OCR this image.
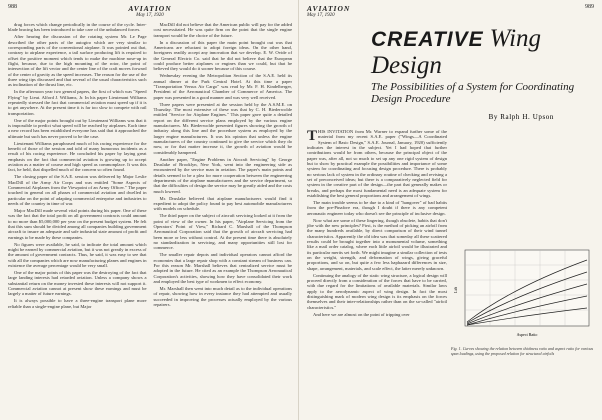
988	AVIATION
May 17, 1920

drag forces which change periodically in the course of the cycle. Inter-blade bracing has been introduced to take care of the unbalanced forces.

After hearing the discussion of the rotating system Mr. Le Page described the other parts of the autogiro which are very similar to corresponding parts of the conventional airplane. It was pointed out that, contrary to airplane experience, a tail surface producing lift is required to offset the positive moment which tends to make the machine nose-up in flight, because, due to the high mounting of the rotor, the point of intersection of the lift vector and the center line of the craft moves forward of the center of gravity as the speed increases. The reason for the use of the three wing tips discussed and that several of the usual characteristics such as inclination of the thrust line, etc.

In the afternoon year two general papers, the first of which was "Speed Flying" by Lieut. Alford J. Williams, Jr. In his paper Lieutenant Williams repeatedly stressed the fact that commercial aviation must speed up if it is to get anywhere. At the present time it is far too slow to compete with rail transportation.

One of the major points brought out by Lieutenant Williams was that it is impossible to predict what speed will be reached by airplanes. Each time a new record has been established everyone has said that it approached the ultimate but such has never proved to be the case.

Lieutenant Williams paraphrased much of his racing experience for the benefit of those of the session and told of many humorous incidents as a result of his racing experience. He concluded his paper by laying great emphasis on the fact that commercial aviation is growing up to accept aviation as a matter of course and high speed as commonplace. It was this fact, he held, that dispelled much of the concern so often found.

The closing paper of the S.A.E. session was delivered by Major Leslie MacDill of the Army Air Corps and was entitled "Some Aspects of Commercial Airplanes from the Viewpoint of an Army Officer." The paper touched in general on all phases of commercial aviation and dwelled in particular on the point of adapting commercial enterprise and industries to needs of the country in time of war.

Major MacDill made several vital points during his paper. One of these was the fact that the total profit on all government contracts could amount to no more than $5,000,000 per year on the present budget system. He felt that this sum should be divided among all companies building government aircraft to insure an adequate and safe industrial state amount of profit and earnings to be made by these companies.

No figures were available, he said, to indicate the total amount which might be earned by commercial aviation, but it was not greatly in excess of the amount of government contracts. Thus, he said, it was easy to see that with all the companies which are now manufacturing planes and engines in existence the average percentage would be very small.

One of the major points of this paper was the destroying of the fact that large landing interests had retarded aviation. Unless a company shows a substantial return on the money invested these interests will not support it. Commercial aviation cannot at present show these earnings and must be largely a matter of future earnings.

It is always possible to have a three-engine transport plane more reliable than a single-engine plane, but Major

MacDill did not believe that the American public will pay for the added cost necessitated. He was quite firm on the point that the single engine transport would be the choice of the future.

In a discussion of this paper the main point brought out was that Americans are reluctant to adopt foreign ideas. On the other hand, foreigners readily accept any innovation that we develop. E. W. Ovide of the General Electric Co. said that he did not believe that the European could produce better airplanes or engines than we could, but that he believed they would do it sooner because of this course.

Wednesday evening the Metropolitan Section of the S.A.E. held its annual dinner at the Park Central Hotel. At this time a paper "Transportation Versus Air Cargo" was read by Mr. F. H. Kindelberger, President of the Aeronautical Chamber of Commerce of America. The paper was presented in a good manner and was very well received.

Three papers were presented at the session held by the A.S.M.E. on Thursday. The most extensive of these was that by C. H. Biederwolde entitled "Service for Airplane Engines." This paper gave quite a detailed report on the different service plans employed by the various engine manufacturers. Mr. Biederwolde presented figures showing the growth of industry along this line and the procedure system as employed by the larger engine manufacturers. It was his opinion that unless the engine manufacturers of the country continued to give the service which they do now, or for that matter increase it, the growth of aviation would be considerably hampered.

Another paper, "Engine Problems in Aircraft Servicing" by George Druslake of Brooklyn, New York, went into the engineering side as encountered by the service man in aviation. The paper's main points and details seemed to be a plea for more cooperation between the engineering departments of the airplane manufacturers and the service department, so that the difficulties of design the service may be greatly aided and the costs much lowered.

Mr. Druslake believed that airplane manufacturers would find it expedient to adopt the policy found to pay best automobile manufacturers with models on schedule.

The third paper on the subject of aircraft servicing looked at it from the point of view of the owner. In his paper, "Airplane Servicing from the Operators' Point of View," Richard C. Marshall of the Thompson Aeronautical Corporation said that the growth of aircraft servicing had been more or less without control. At the present time there is absolutely no standardization in servicing, and many opportunities still lost for commerce.

The smaller repair depots and individual operators cannot afford the economies that a large repair shop with a constant stream of business can. For this reason Mr. Marshall believes that centralized service must be adopted in the future. He cited as an example the Thompson Aeronautical Corporation's activities, showing how they have consolidated their work and employed the best type of workmen to effect economy.

Mr. Marshall then went into much detail as to the individual operations of repair, showing how in every instance they had attempted and usually succeeded in improving the processes actually employed by the various repairers.

AVIATION
May 17, 1920
989
CREATIVE Wing Design
The Possibilities of a System for Coordinating Design Procedure
By Ralph H. Upson
T HIS INVITATION from Mr. Warner to expand further some of the material from my recent S.A.E. paper ("Wings—A Coordinated System of Basic Design," S.A.E. Journal, January, 1920) sufficiently indicates the interest in the subject. Yet I had hoped that further contributions would be from others, because the principal object of the paper was, after all, not so much to set up any one rigid system of design but to show by practical example the possibilities and importance of some system for coordinating and focusing design procedure. There is probably no serious lack of system in the ordinary routine of checking and revising a set of preconceived ideas; but there is a comparatively neglected field for system in the creative part of the design—the part that generally makes or breaks, and perhaps the most fundamental need is an adequate system for establishing the best general proportions and arrangement of wings.

The main trouble seems to be due to a kind of "hangover" of bad habits from the pre-Pinafore era, though I doubt if there is any competent aeronautic engineer today who doesn't see the principle of inclusive design.

Now what are some of these lingering, though obsolete, habits that don't jibe with the new principles? First, is the method of picking an airfoil from the many hundreds available, by direct comparison of their wind tunnel characteristics. Apparently the old idea was that someday all these scattered results could be brought together into a monumental volume, something like a mail order catalog, where each little airfoil would be illustrated and its particular merits set forth. We might imagine a similar collection of tests on the weight, strength, and deformation of wings, giving graceful proportions, and so on, but quite a few less haphazard differences in size, shape, arrangement, materials, and scale effect, the latter merely unknown.

Continuing the analogy of the static wing structure, a logical design will proceed directly from a consideration of the forces that have to be carried, with due regard for the limitations of available materials. Similar laws apply to the aerodynamic aspect of wing design. In fact the most distinguishing mark of modern wing design is its emphasis on the forces themselves and their inter-relationships rather than on the so-called "airfoil characteristics."

And here we are almost on the point of tripping over

Aspect Ratio
Lift
Fig. 1. Curves showing the relation between thickness ratio and aspect ratio for various span loadings, using the proposed relation for structural airfoils
